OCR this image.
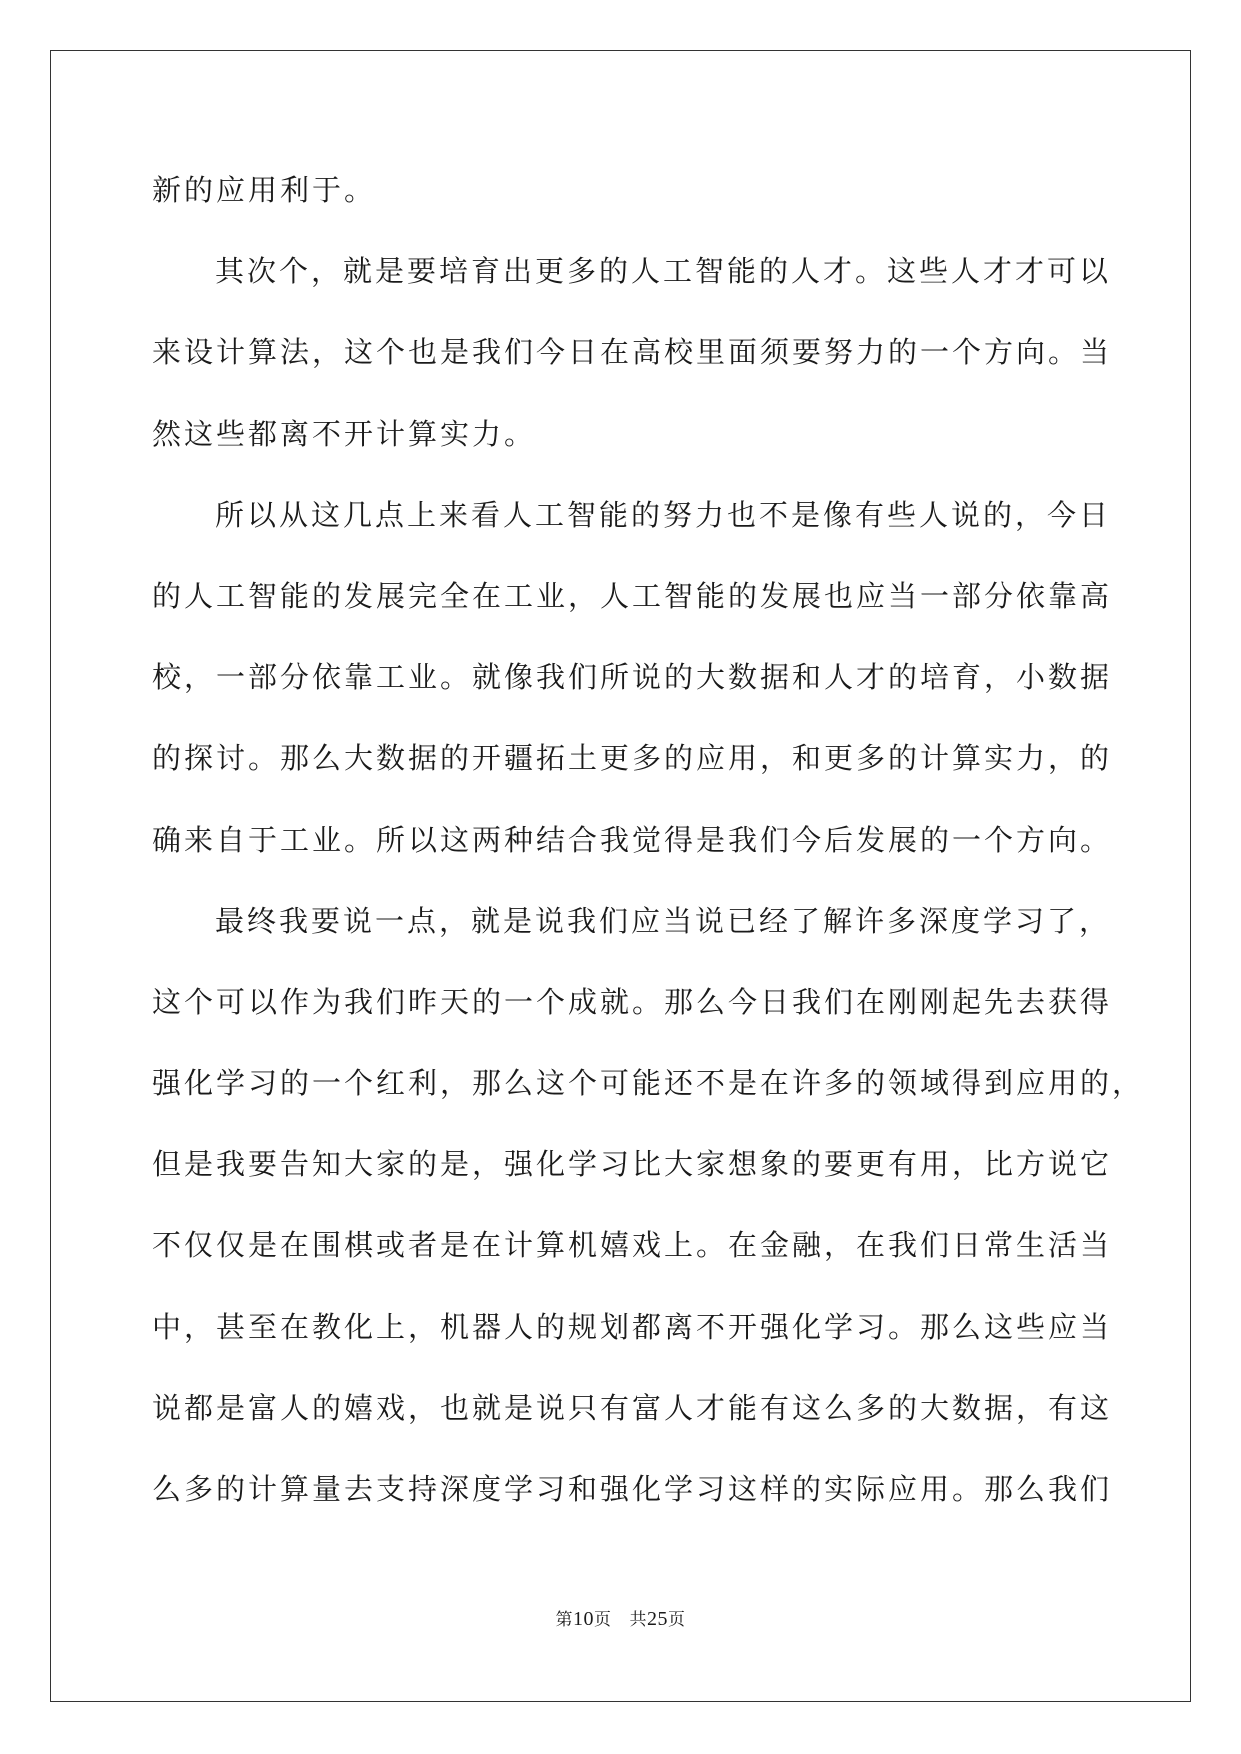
新的应用利于。
其次个，就是要培育出更多的人工智能的人才。这些人才才可以
来设计算法，这个也是我们今日在高校里面须要努力的一个方向。当
然这些都离不开计算实力。
所以从这几点上来看人工智能的努力也不是像有些人说的，今日
的人工智能的发展完全在工业，人工智能的发展也应当一部分依靠高
校，一部分依靠工业。就像我们所说的大数据和人才的培育，小数据
的探讨。那么大数据的开疆拓土更多的应用，和更多的计算实力，的
确来自于工业。所以这两种结合我觉得是我们今后发展的一个方向。
最终我要说一点，就是说我们应当说已经了解许多深度学习了，
这个可以作为我们昨天的一个成就。那么今日我们在刚刚起先去获得
强化学习的一个红利，那么这个可能还不是在许多的领域得到应用的，
但是我要告知大家的是，强化学习比大家想象的要更有用，比方说它
不仅仅是在围棋或者是在计算机嬉戏上。在金融，在我们日常生活当
中，甚至在教化上，机器人的规划都离不开强化学习。那么这些应当
说都是富人的嬉戏，也就是说只有富人才能有这么多的大数据，有这
么多的计算量去支持深度学习和强化学习这样的实际应用。那么我们
第10页 共25页
